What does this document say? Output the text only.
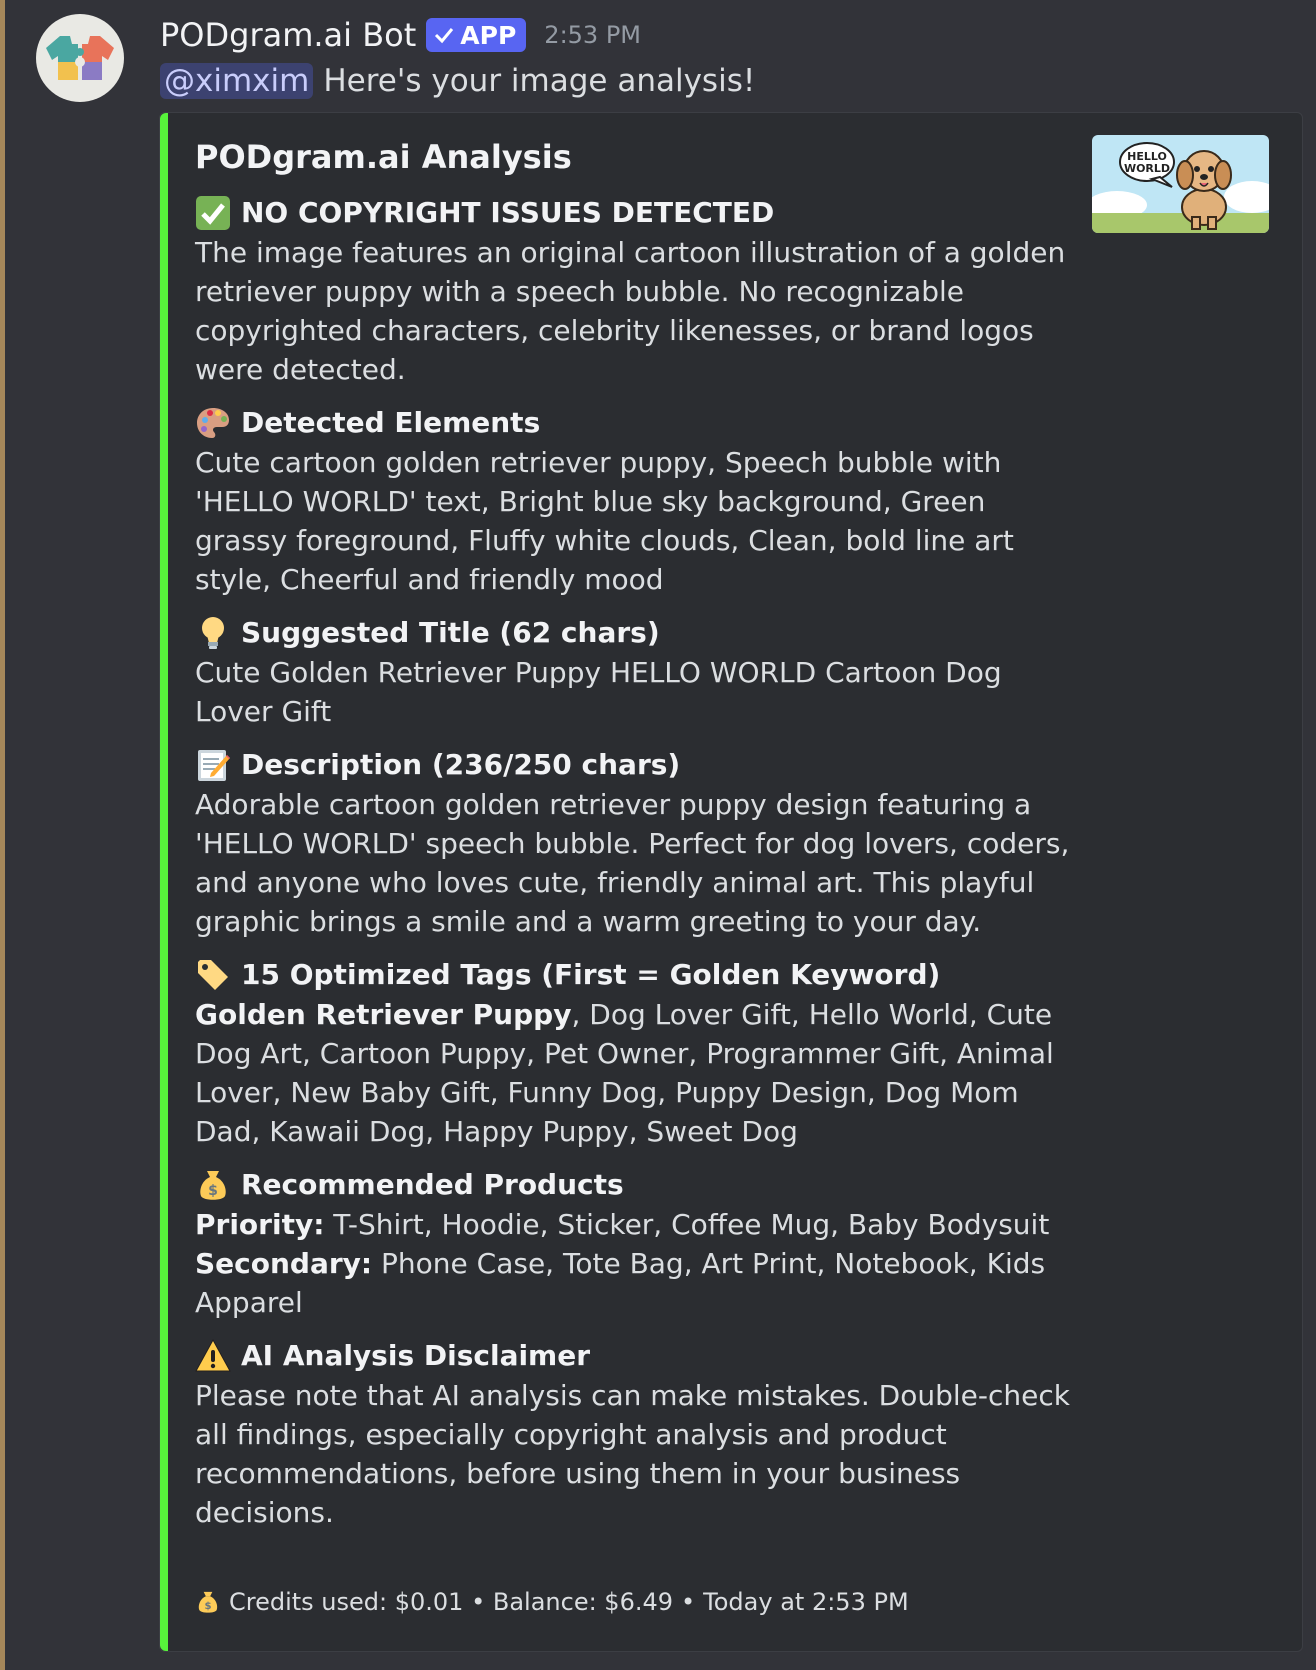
PODgram.ai Bot APP 2:53 PM
@ximxim Here's your image analysis!
HELLO
WORLD
PODgram.ai Analysis
NO COPYRIGHT ISSUES DETECTED
The image features an original cartoon illustration of a golden retriever puppy with a speech bubble. No recognizable copyrighted characters, celebrity likenesses, or brand logos were detected.
Detected Elements
Cute cartoon golden retriever puppy, Speech bubble with 'HELLO WORLD' text, Bright blue sky background, Green grassy foreground, Fluffy white clouds, Clean, bold line art style, Cheerful and friendly mood
Suggested Title (62 chars)
Cute Golden Retriever Puppy HELLO WORLD Cartoon Dog Lover Gift
Description (236/250 chars)
Adorable cartoon golden retriever puppy design featuring a 'HELLO WORLD' speech bubble. Perfect for dog lovers, coders, and anyone who loves cute, friendly animal art. This playful graphic brings a smile and a warm greeting to your day.
15 Optimized Tags (First = Golden Keyword)
Golden Retriever Puppy, Dog Lover Gift, Hello World, Cute Dog Art, Cartoon Puppy, Pet Owner, Programmer Gift, Animal Lover, New Baby Gift, Funny Dog, Puppy Design, Dog Mom Dad, Kawaii Dog, Happy Puppy, Sweet Dog
$ Recommended Products
Priority: T-Shirt, Hoodie, Sticker, Coffee Mug, Baby Bodysuit
Secondary: Phone Case, Tote Bag, Art Print, Notebook, Kids Apparel
AI Analysis Disclaimer
Please note that AI analysis can make mistakes. Double-check all findings, especially copyright analysis and product recommendations, before using them in your business decisions.
$ Credits used: $0.01 • Balance: $6.49 • Today at 2:53 PM
